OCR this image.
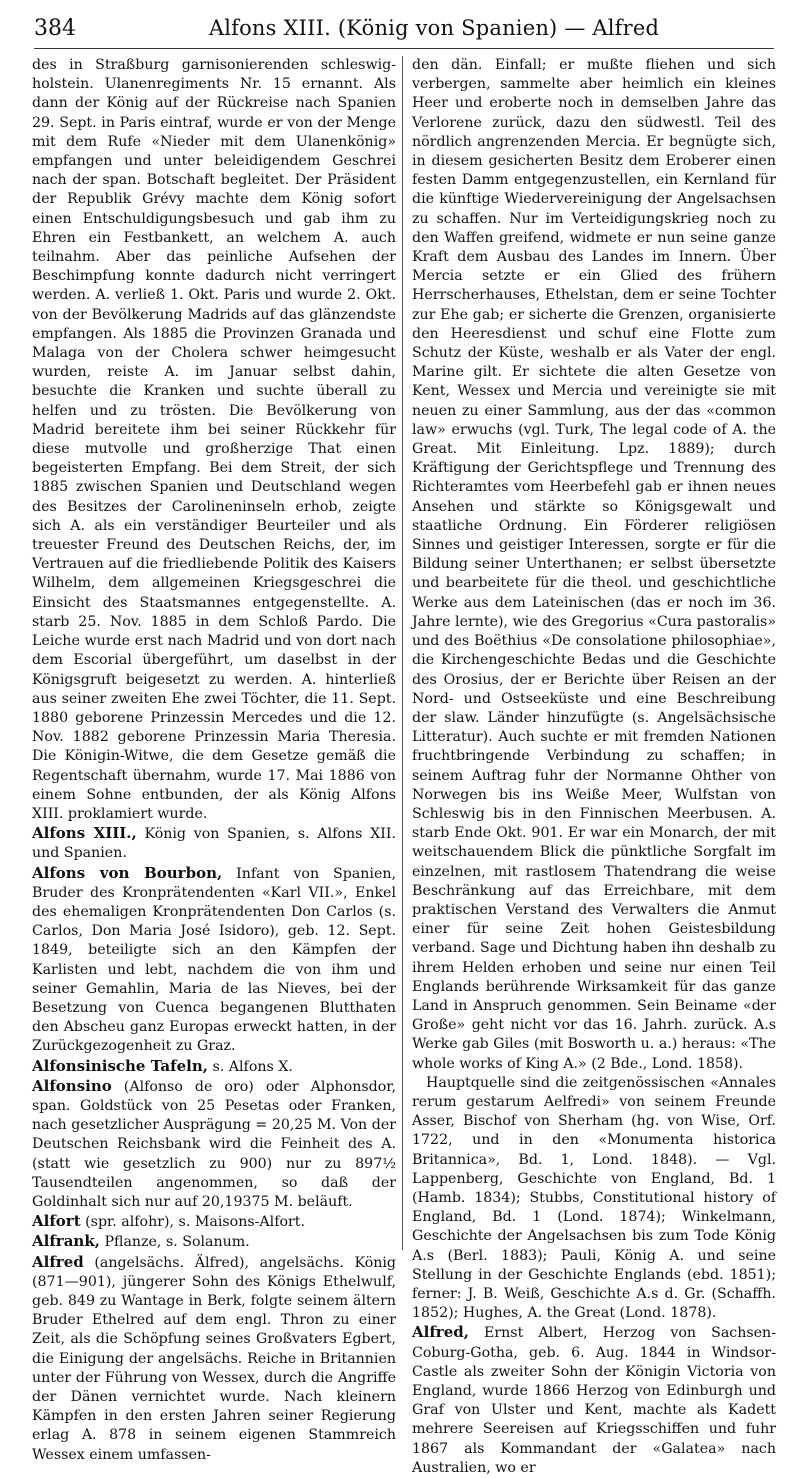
384	Alfons XIII. (König von Spanien) — Alfred

des in Straßburg garnisonierenden schleswig-holstein. Ulanenregiments Nr. 15 ernannt. Als dann der König auf der Rückreise nach Spanien 29. Sept. in Paris eintraf, wurde er von der Menge mit dem Rufe «Nieder mit dem Ulanenkönig» empfangen und unter beleidigendem Geschrei nach der span. Botschaft begleitet. Der Präsident der Republik Grévy machte dem König sofort einen Entschuldigungsbesuch und gab ihm zu Ehren ein Festbankett, an welchem A. auch teilnahm. Aber das peinliche Aufsehen der Beschimpfung konnte dadurch nicht verringert werden. A. verließ 1. Okt. Paris und wurde 2. Okt. von der Bevölkerung Madrids auf das glänzendste empfangen. Als 1885 die Provinzen Granada und Malaga von der Cholera schwer heimgesucht wurden, reiste A. im Januar selbst dahin, besuchte die Kranken und suchte überall zu helfen und zu trösten. Die Bevölkerung von Madrid bereitete ihm bei seiner Rückkehr für diese mutvolle und großherzige That einen begeisterten Empfang. Bei dem Streit, der sich 1885 zwischen Spanien und Deutschland wegen des Besitzes der Carolineninseln erhob, zeigte sich A. als ein verständiger Beurteiler und als treuester Freund des Deutschen Reichs, der, im Vertrauen auf die friedliebende Politik des Kaisers Wilhelm, dem allgemeinen Kriegsgeschrei die Einsicht des Staatsmannes entgegenstellte. A. starb 25. Nov. 1885 in dem Schloß Pardo. Die Leiche wurde erst nach Madrid und von dort nach dem Escorial übergeführt, um daselbst in der Königsgruft beigesetzt zu werden. A. hinterließ aus seiner zweiten Ehe zwei Töchter, die 11. Sept. 1880 geborene Prinzessin Mercedes und die 12. Nov. 1882 geborene Prinzessin Maria Theresia. Die Königin-Witwe, die dem Gesetze gemäß die Regentschaft übernahm, wurde 17. Mai 1886 von einem Sohne entbunden, der als König Alfons XIII. proklamiert wurde.

Alfons XIII., König von Spanien, s. Alfons XII. und Spanien.

Alfons von Bourbon, Infant von Spanien, Bruder des Kronprätendenten «Karl VII.», Enkel des ehemaligen Kronprätendenten Don Carlos (s. Carlos, Don Maria José Isidoro), geb. 12. Sept. 1849, beteiligte sich an den Kämpfen der Karlisten und lebt, nachdem die von ihm und seiner Gemahlin, Maria de las Nieves, bei der Besetzung von Cuenca begangenen Blutthaten den Abscheu ganz Europas erweckt hatten, in der Zurückgezogenheit zu Graz.

Alfonsinische Tafeln, s. Alfons X.

Alfonsino (Alfonso de oro) oder Alphonsdor, span. Goldstück von 25 Pesetas oder Franken, nach gesetzlicher Ausprägung = 20,25 M. Von der Deutschen Reichsbank wird die Feinheit des A. (statt wie gesetzlich zu 900) nur zu 897½ Tausendteilen angenommen, so daß der Goldinhalt sich nur auf 20,19375 M. beläuft.

Alfort (spr. alfohr), s. Maisons-Alfort.

Alfrank, Pflanze, s. Solanum.

Alfred (angelsächs. Älfred), angelsächs. König (871—901), jüngerer Sohn des Königs Ethelwulf, geb. 849 zu Wantage in Berk, folgte seinem ältern Bruder Ethelred auf dem engl. Thron zu einer Zeit, als die Schöpfung seines Großvaters Egbert, die Einigung der angelsächs. Reiche in Britannien unter der Führung von Wessex, durch die Angriffe der Dänen vernichtet wurde. Nach kleinern Kämpfen in den ersten Jahren seiner Regierung erlag A. 878 in seinem eigenen Stammreich Wessex einem umfassen-

den dän. Einfall; er mußte fliehen und sich verbergen, sammelte aber heimlich ein kleines Heer und eroberte noch in demselben Jahre das Verlorene zurück, dazu den südwestl. Teil des nördlich angrenzenden Mercia. Er begnügte sich, in diesem gesicherten Besitz dem Eroberer einen festen Damm entgegenzustellen, ein Kernland für die künftige Wiedervereinigung der Angelsachsen zu schaffen. Nur im Verteidigungskrieg noch zu den Waffen greifend, widmete er nun seine ganze Kraft dem Ausbau des Landes im Innern. Über Mercia setzte er ein Glied des frühern Herrscherhauses, Ethelstan, dem er seine Tochter zur Ehe gab; er sicherte die Grenzen, organisierte den Heeresdienst und schuf eine Flotte zum Schutz der Küste, weshalb er als Vater der engl. Marine gilt. Er sichtete die alten Gesetze von Kent, Wessex und Mercia und vereinigte sie mit neuen zu einer Sammlung, aus der das «common law» erwuchs (vgl. Turk, The legal code of A. the Great. Mit Einleitung. Lpz. 1889); durch Kräftigung der Gerichtspflege und Trennung des Richteramtes vom Heerbefehl gab er ihnen neues Ansehen und stärkte so Königsgewalt und staatliche Ordnung. Ein Förderer religiösen Sinnes und geistiger Interessen, sorgte er für die Bildung seiner Unterthanen; er selbst übersetzte und bearbeitete für die theol. und geschichtliche Werke aus dem Lateinischen (das er noch im 36. Jahre lernte), wie des Gregorius «Cura pastoralis» und des Boëthius «De consolatione philosophiae», die Kirchengeschichte Bedas und die Geschichte des Orosius, der er Berichte über Reisen an der Nord- und Ostseeküste und eine Beschreibung der slaw. Länder hinzufügte (s. Angelsächsische Litteratur). Auch suchte er mit fremden Nationen fruchtbringende Verbindung zu schaffen; in seinem Auftrag fuhr der Normanne Ohther von Norwegen bis ins Weiße Meer, Wulfstan von Schleswig bis in den Finnischen Meerbusen. A. starb Ende Okt. 901. Er war ein Monarch, der mit weitschauendem Blick die pünktliche Sorgfalt im einzelnen, mit rastlosem Thatendrang die weise Beschränkung auf das Erreichbare, mit dem praktischen Verstand des Verwalters die Anmut einer für seine Zeit hohen Geistesbildung verband. Sage und Dichtung haben ihn deshalb zu ihrem Helden erhoben und seine nur einen Teil Englands berührende Wirksamkeit für das ganze Land in Anspruch genommen. Sein Beiname «der Große» geht nicht vor das 16. Jahrh. zurück. A.s Werke gab Giles (mit Bosworth u. a.) heraus: «The whole works of King A.» (2 Bde., Lond. 1858).

Hauptquelle sind die zeitgenössischen «Annales rerum gestarum Aelfredi» von seinem Freunde Asser, Bischof von Sherham (hg. von Wise, Orf. 1722, und in den «Monumenta historica Britannica», Bd. 1, Lond. 1848). — Vgl. Lappenberg, Geschichte von England, Bd. 1 (Hamb. 1834); Stubbs, Constitutional history of England, Bd. 1 (Lond. 1874); Winkelmann, Geschichte der Angelsachsen bis zum Tode König A.s (Berl. 1883); Pauli, König A. und seine Stellung in der Geschichte Englands (ebd. 1851); ferner: J. B. Weiß, Geschichte A.s d. Gr. (Schaffh. 1852); Hughes, A. the Great (Lond. 1878).

Alfred, Ernst Albert, Herzog von Sachsen-Coburg-Gotha, geb. 6. Aug. 1844 in Windsor-Castle als zweiter Sohn der Königin Victoria von England, wurde 1866 Herzog von Edinburgh und Graf von Ulster und Kent, machte als Kadett mehrere Seereisen auf Kriegsschiffen und fuhr 1867 als Kommandant der «Galatea» nach Australien, wo er
